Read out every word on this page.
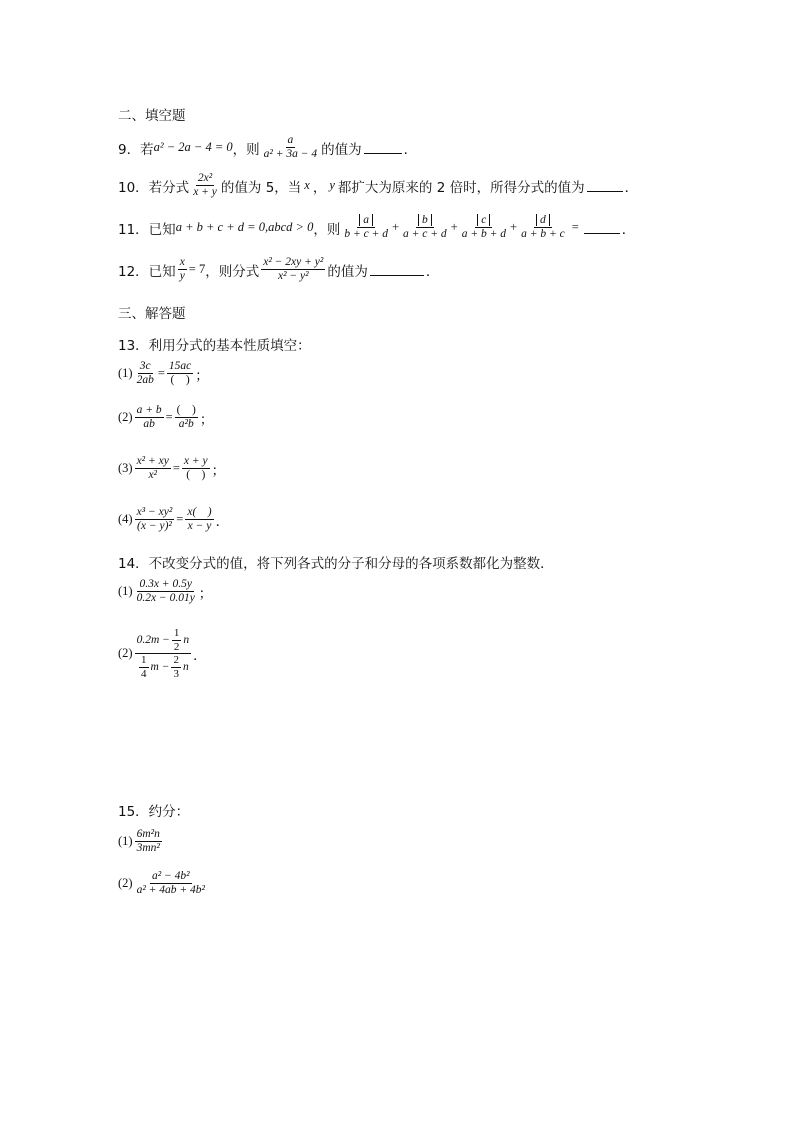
二、填空题
9．若 a² − 2a − 4 = 0 ，则 $\frac{a}{\text{a² + 3a − 4}}$ 的值为	．
10．若分式 $\frac{\text{2x²}}{x + y}$ 的值为 5，当 x ， y 都扩大为原来的 2 倍时，所得分式的值为	．
11．已知 a + b + c + d = 0,abcd > 0 ，则 $\frac{a}{b + c + d} + \frac{b}{a + c + d} + \frac{c}{a + b + d} + \frac{d}{a + b + c}$ =	．
12．已知 $\frac{x}{y} = 7$ ，则分式 $\frac{\text{x² − 2xy + y²}}{\text{x² − y²}}$ 的值为	．
三、解答题
13．利用分式的基本性质填空：
$(1) \frac{3c}{2ab} = \frac{15ac}{( )}$ ；
$(2) \frac{a + b}{ab} = \frac{( )}{\text{a²b}}$ ；
$(3) \frac{\text{x² + xy}}{\text{x²}} = \frac{x + y}{( )}$ ；
$(4) \frac{\text{x³ − xy²}}{\text{(x − y)²}} = \frac{x( )}{x - y}$ ．
14．不改变分式的值，将下列各式的分子和分母的各项系数都化为整数．
$(1) \frac{0.3x + 0.5y}{0.2x - 0.01y}$ ；
$(2) \frac{0.2m - \frac{1}{2} n}{\frac{1}{4} m - \frac{2}{3} n}$ ．
15．约分：
$(1) \frac{\text{6m²n}}{\text{3mn²}}$
$(2) \frac{\text{a² − 4b²}}{\text{a² + 4ab + 4b²}}$
